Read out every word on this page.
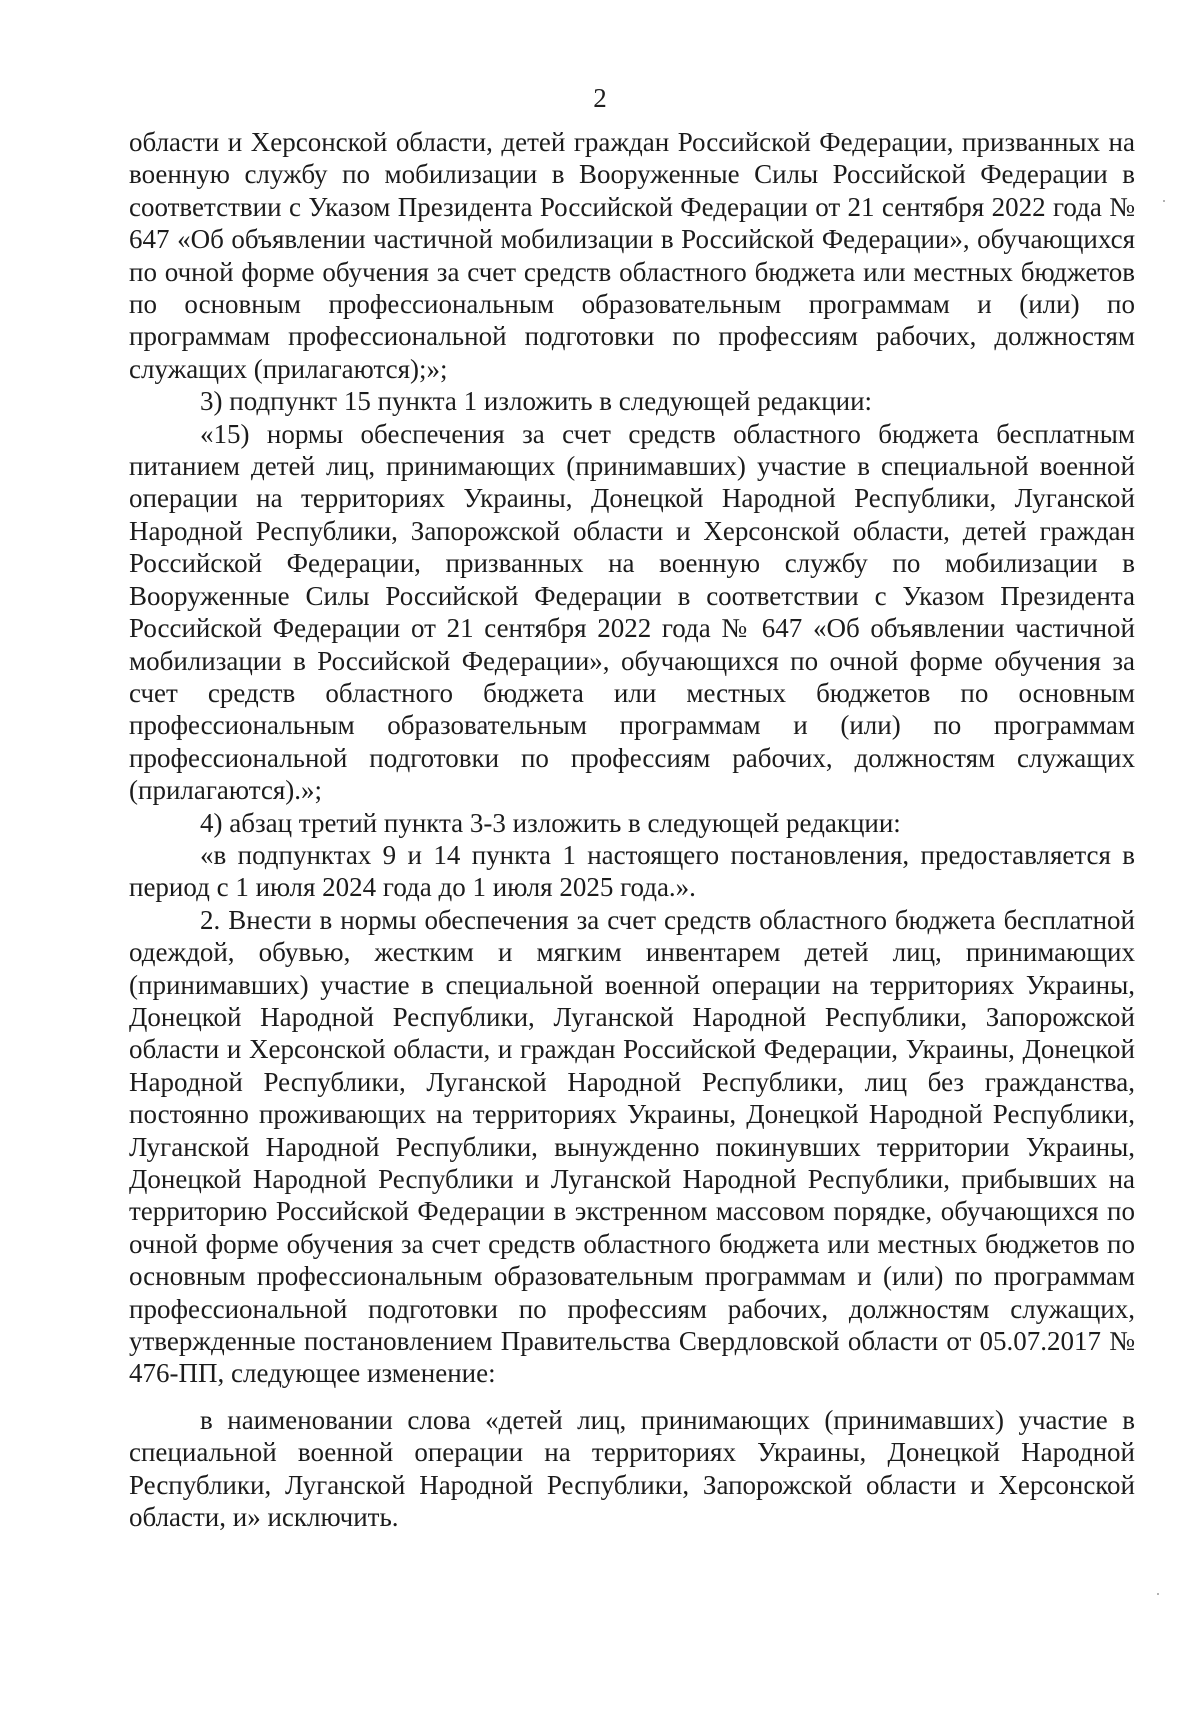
2

области и Херсонской области, детей граждан Российской Федерации, призванных на военную службу по мобилизации в Вооруженные Силы Российской Федерации в соответствии с Указом Президента Российской Федерации от 21 сентября 2022 года № 647 «Об объявлении частичной мобилизации в Российской Федерации», обучающихся по очной форме обучения за счет средств областного бюджета или местных бюджетов по основным профессиональным образовательным программам и (или) по программам профессиональной подготовки по профессиям рабочих, должностям служащих (прилагаются);»;

3) подпункт 15 пункта 1 изложить в следующей редакции:

«15) нормы обеспечения за счет средств областного бюджета бесплатным питанием детей лиц, принимающих (принимавших) участие в специальной военной операции на территориях Украины, Донецкой Народной Республики, Луганской Народной Республики, Запорожской области и Херсонской области, детей граждан Российской Федерации, призванных на военную службу по мобилизации в Вооруженные Силы Российской Федерации в соответствии с Указом Президента Российской Федерации от 21 сентября 2022 года № 647 «Об объявлении частичной мобилизации в Российской Федерации», обучающихся по очной форме обучения за счет средств областного бюджета или местных бюджетов по основным профессиональным образовательным программам и (или) по программам профессиональной подготовки по профессиям рабочих, должностям служащих (прилагаются).»;

4) абзац третий пункта 3-3 изложить в следующей редакции:

«в подпунктах 9 и 14 пункта 1 настоящего постановления, предоставляется в период с 1 июля 2024 года до 1 июля 2025 года.».

2. Внести в нормы обеспечения за счет средств областного бюджета бесплатной одеждой, обувью, жестким и мягким инвентарем детей лиц, принимающих (принимавших) участие в специальной военной операции на территориях Украины, Донецкой Народной Республики, Луганской Народной Республики, Запорожской области и Херсонской области, и граждан Российской Федерации, Украины, Донецкой Народной Республики, Луганской Народной Республики, лиц без гражданства, постоянно проживающих на территориях Украины, Донецкой Народной Республики, Луганской Народной Республики, вынужденно покинувших территории Украины, Донецкой Народной Республики и Луганской Народной Республики, прибывших на территорию Российской Федерации в экстренном массовом порядке, обучающихся по очной форме обучения за счет средств областного бюджета или местных бюджетов по основным профессиональным образовательным программам и (или) по программам профессиональной подготовки по профессиям рабочих, должностям служащих, утвержденные постановлением Правительства Свердловской области от 05.07.2017 № 476-ПП, следующее изменение:

в наименовании слова «детей лиц, принимающих (принимавших) участие в специальной военной операции на территориях Украины, Донецкой Народной Республики, Луганской Народной Республики, Запорожской области и Херсонской области, и» исключить.
